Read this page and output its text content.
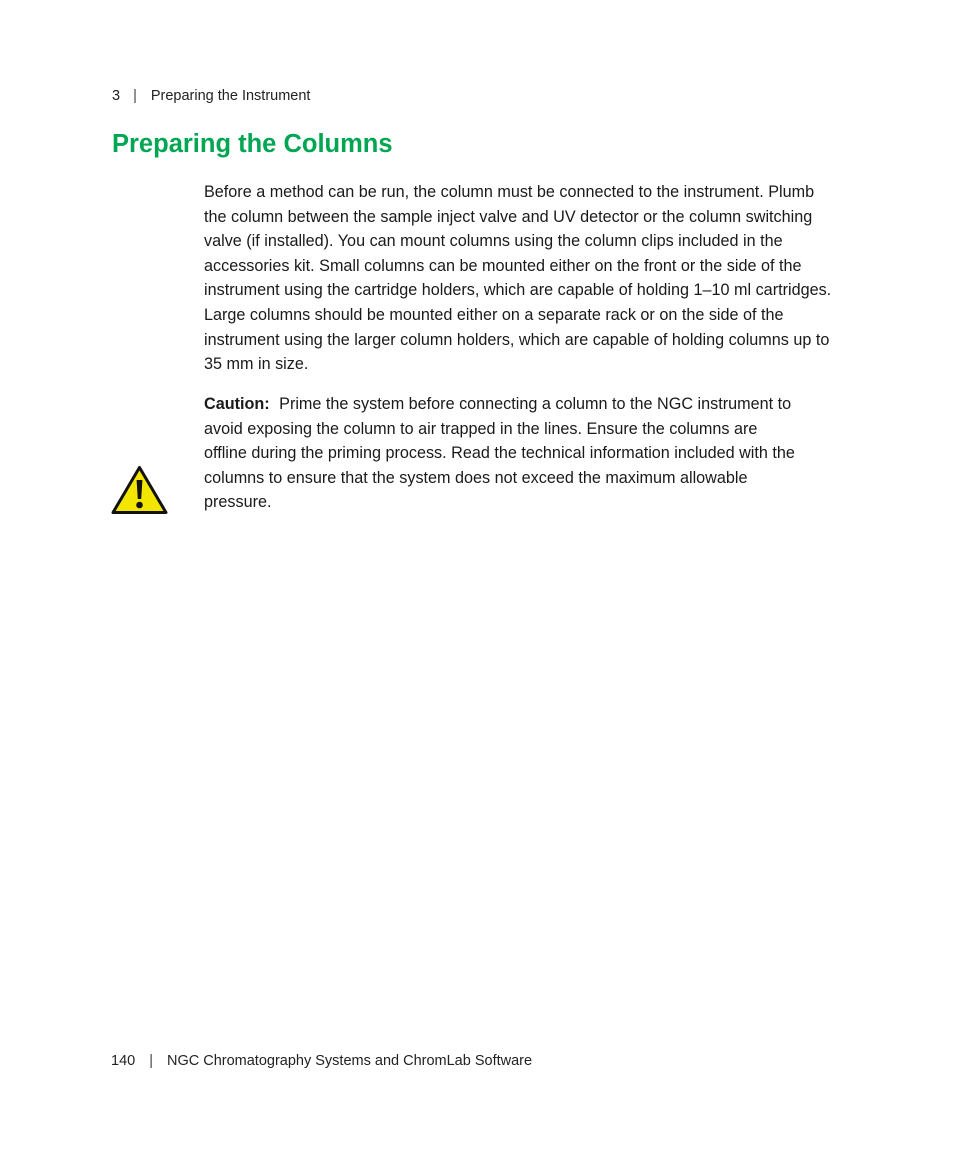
3 | Preparing the Instrument
Preparing the Columns

Before a method can be run, the column must be connected to the instrument. Plumb the column between the sample inject valve and UV detector or the column switching valve (if installed). You can mount columns using the column clips included in the accessories kit. Small columns can be mounted either on the front or the side of the instrument using the cartridge holders, which are capable of holding 1–10 ml cartridges. Large columns should be mounted either on a separate rack or on the side of the instrument using the larger column holders, which are capable of holding columns up to 35 mm in size.

Caution: Prime the system before connecting a column to the NGC instrument to avoid exposing the column to air trapped in the lines. Ensure the columns are offline during the priming process. Read the technical information included with the columns to ensure that the system does not exceed the maximum allowable pressure.

140 | NGC Chromatography Systems and ChromLab Software
